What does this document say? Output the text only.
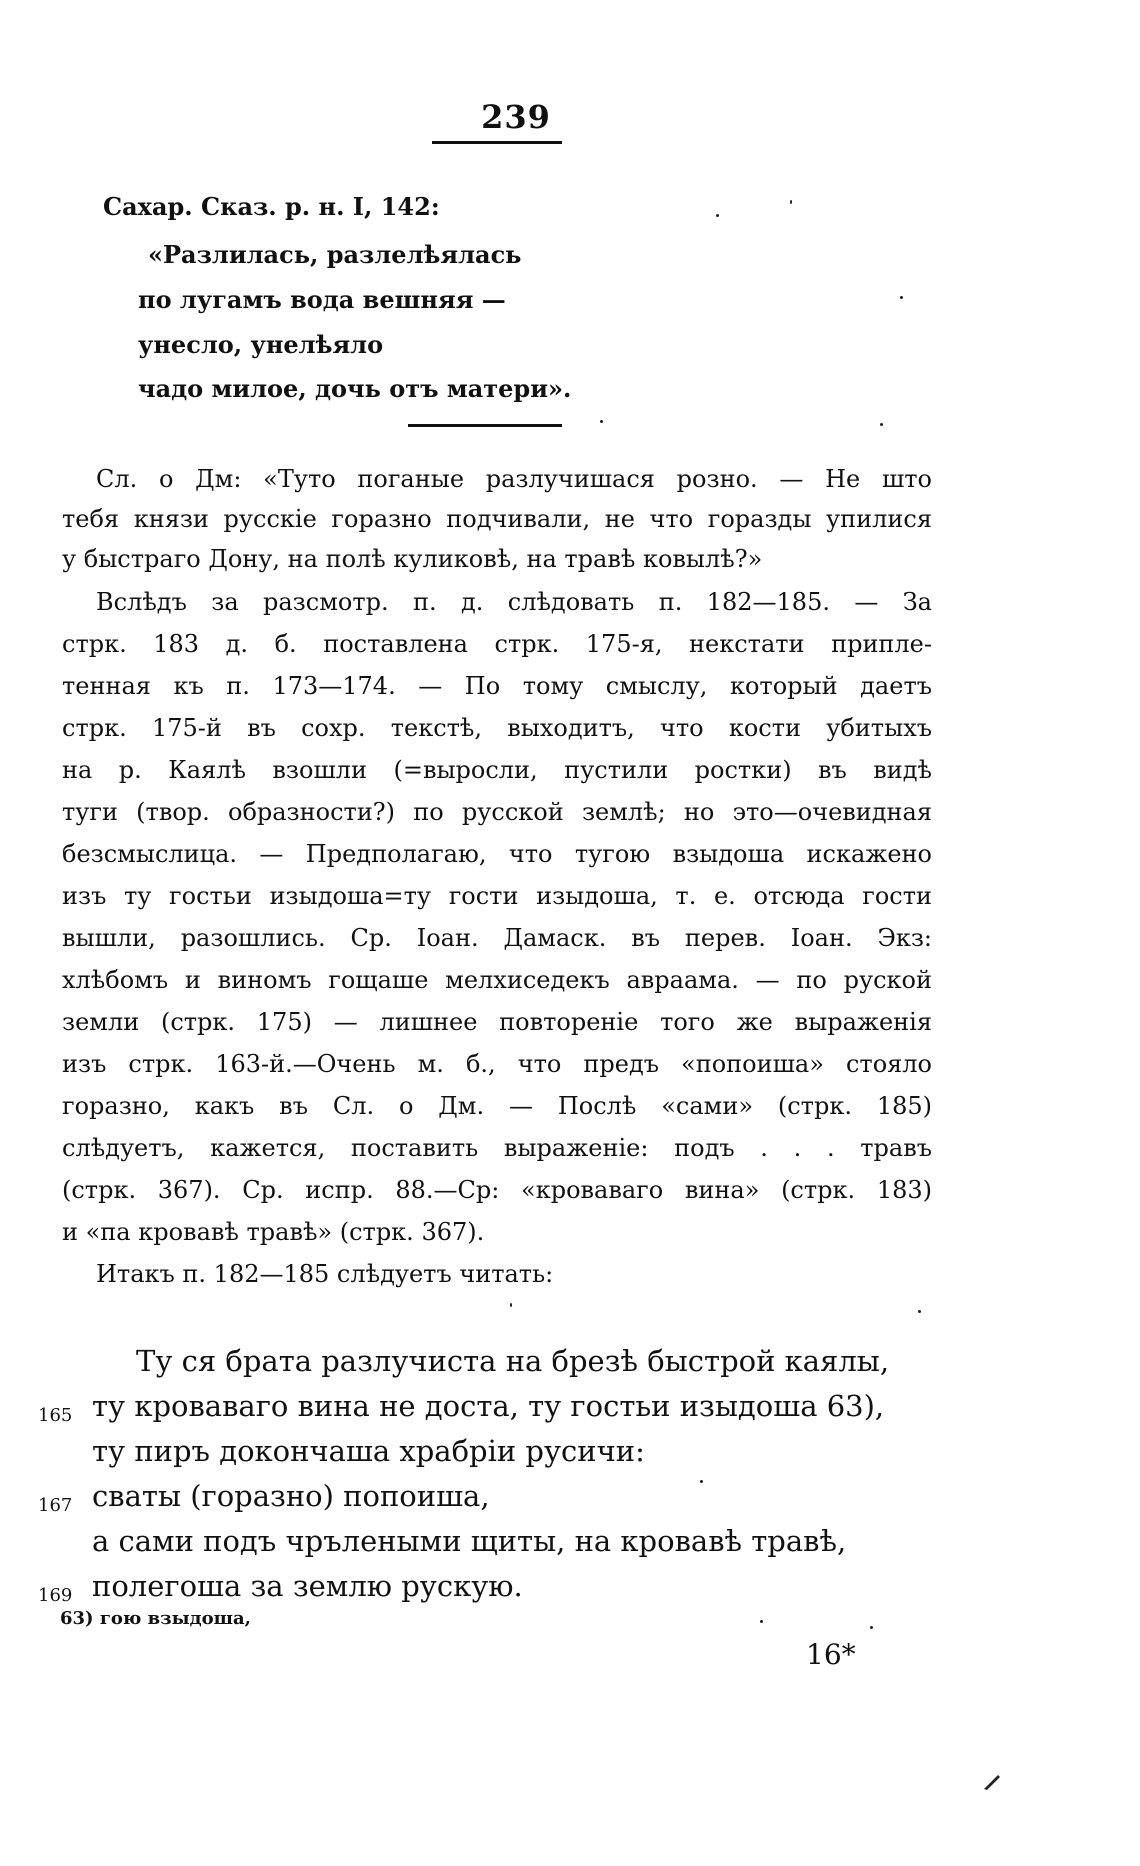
239
Сахар. Сказ. р. н. I, 142:
«Разлилась, разлелѣялась
по лугамъ вода вешняя —
унесло, унелѣяло
чадо милое, дочь отъ матери».
Сл. о Дм: «Туто поганые разлучишася розно. — Не што
тебя князи русскіе горазно подчивали, не что горазды упилися
у быстраго Дону, на полѣ куликовѣ, на травѣ ковылѣ?»
Вслѣдъ за разсмотр. п. д. слѣдовать п. 182—185. — За
стрк. 183 д. б. поставлена стрк. 175-я, некстати приплe-
тенная къ п. 173—174. — По тому смыслу, который даетъ
стрк. 175-й въ сохр. текстѣ, выходитъ, что кости убитыхъ
на р. Каялѣ взошли (=выросли, пустили ростки) въ видѣ
туги (твор. образности?) по русской землѣ; но это—очевидная
безсмыслица. — Предполагаю, что тугою взыдоша искажено
изъ ту гостьи изыдоша=ту гости изыдоша, т. е. отсюда гости
вышли, разошлись. Ср. Іоан. Дамаск. въ перев. Іоан. Экз:
хлѣбомъ и виномъ гощаше мелхиседекъ авраама. — по руской
земли (стрк. 175) — лишнее повтореніе того же выраженія
изъ стрк. 163-й.—Очень м. б., что предъ «попоиша» стояло
горазно, какъ въ Сл. о Дм. — Послѣ «сами» (стрк. 185)
слѣдуетъ, кажется, поставить выраженіе: подъ . . . травъ
(стрк. 367). Ср. испр. 88.—Ср: «кроваваго вина» (стрк. 183)
и «па кровавѣ травѣ» (стрк. 367).
Итакъ п. 182—185 слѣдуетъ читать:
Ту ся брата разлучиста на брезѣ быстрой каялы,
165 ту кроваваго вина не доста, ту гостьи изыдоша 63),
ту пиръ докончаша храбріи русичи:
167 сваты (горазно) попоиша,
а сами подъ чрълеными щиты, на кровавѣ травѣ,
169 полегоша за землю рускую.
63) гою взыдоша,
16*
